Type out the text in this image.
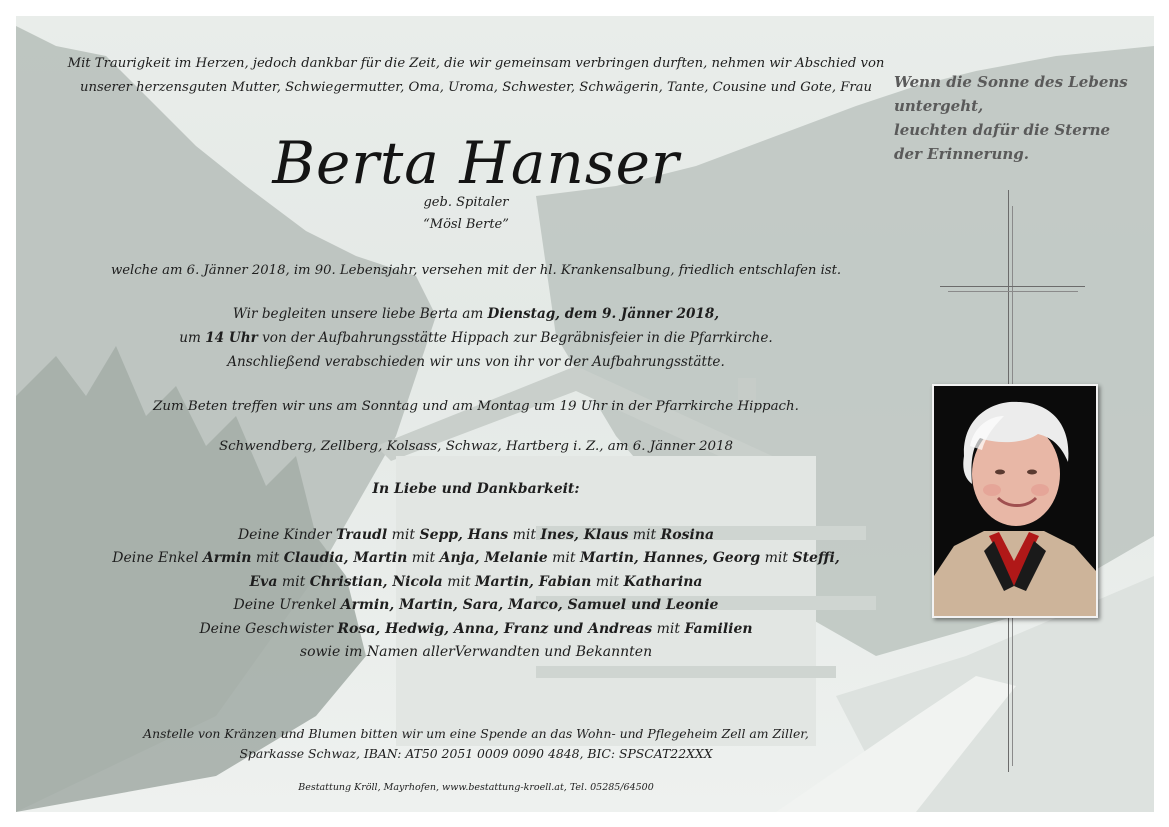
Mit Traurigkeit im Herzen, jedoch dankbar für die Zeit, die wir gemeinsam verbringen durften, nehmen wir Abschied von
unserer herzensguten Mutter, Schwiegermutter, Oma, Uroma, Schwester, Schwägerin, Tante, Cousine und Gote, Frau
Berta Hanser
geb. Spitaler
“Mösl Berte”
welche am 6. Jänner 2018, im 90. Lebensjahr, versehen mit der hl. Krankensalbung, friedlich entschlafen ist.
Wir begleiten unsere liebe Berta am Dienstag, dem 9. Jänner 2018,
um 14 Uhr von der Aufbahrungsstätte Hippach zur Begräbnisfeier in die Pfarrkirche.
Anschließend verabschieden wir uns von ihr vor der Aufbahrungsstätte.
Zum Beten treffen wir uns am Sonntag und am Montag um 19 Uhr in der Pfarrkirche Hippach.
Schwendberg, Zellberg, Kolsass, Schwaz, Hartberg i. Z., am 6. Jänner 2018
In Liebe und Dankbarkeit:
Deine Kinder Traudl mit Sepp, Hans mit Ines, Klaus mit Rosina
Deine Enkel Armin mit Claudia, Martin mit Anja, Melanie mit Martin, Hannes, Georg mit Steffi,
Eva mit Christian, Nicola mit Martin, Fabian mit Katharina
Deine Urenkel Armin, Martin, Sara, Marco, Samuel und Leonie
Deine Geschwister Rosa, Hedwig, Anna, Franz und Andreas mit Familien
sowie im Namen allerVerwandten und Bekannten
Anstelle von Kränzen und Blumen bitten wir um eine Spende an das Wohn- und Pflegeheim Zell am Ziller,
Sparkasse Schwaz, IBAN: AT50 2051 0009 0090 4848, BIC: SPSCAT22XXX
Bestattung Kröll, Mayrhofen, www.bestattung-kroell.at, Tel. 05285/64500
Wenn die Sonne des Lebens
untergeht,
leuchten dafür die Sterne
der Erinnerung.
